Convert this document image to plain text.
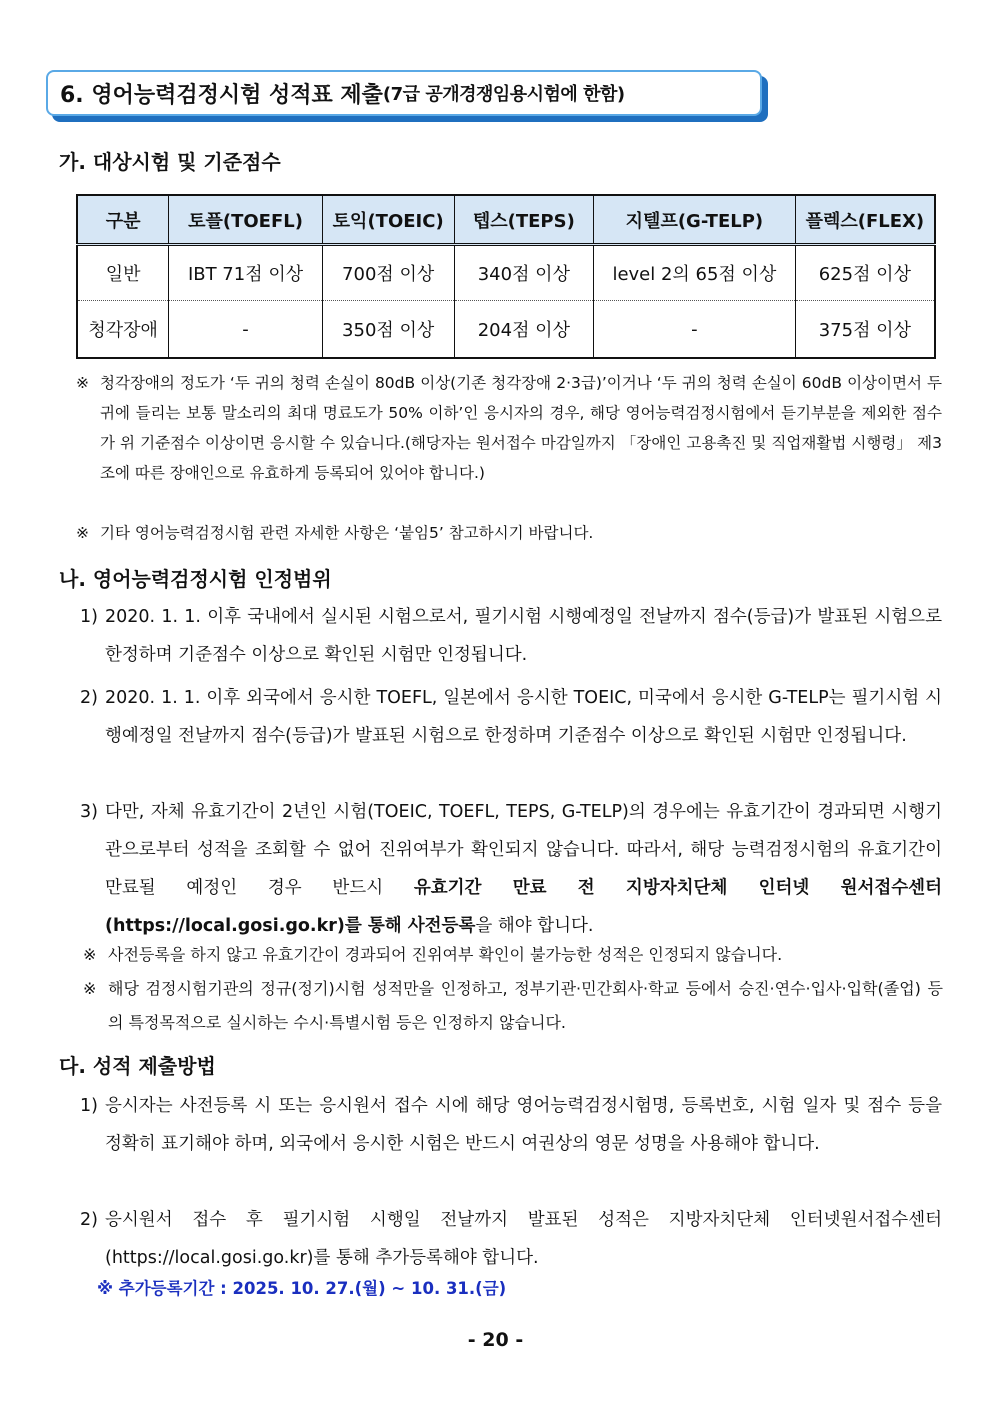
6. 영어능력검정시험 성적표 제출 (7급 공개경쟁임용시험에 한함)
가. 대상시험 및 기준점수
구분	토플(TOEFL)	토익(TOEIC)	텝스(TEPS)	지텔프(G-TELP)	플렉스(FLEX)
일반	IBT 71점 이상	700점 이상	340점 이상	level 2의 65점 이상	625점 이상
청각장애	-	350점 이상	204점 이상	-	375점 이상
※ 청각장애의 정도가 ‘두 귀의 청력 손실이 80dB 이상(기존 청각장애 2·3급)’이거나 ‘두 귀의 청력 손실이 60dB 이상이면서 두 귀에 들리는 보통 말소리의 최대 명료도가 50% 이하’인 응시자의 경우, 해당 영어능력검정시험에서 듣기부분을 제외한 점수가 위 기준점수 이상이면 응시할 수 있습니다.(해당자는 원서접수 마감일까지 「장애인 고용촉진 및 직업재활법 시행령」 제3조에 따른 장애인으로 유효하게 등록되어 있어야 합니다.)
※ 기타 영어능력검정시험 관련 자세한 사항은 ‘붙임5’ 참고하시기 바랍니다.
나. 영어능력검정시험 인정범위
1) 2020. 1. 1. 이후 국내에서 실시된 시험으로서, 필기시험 시행예정일 전날까지 점수(등급)가 발표된 시험으로 한정하며 기준점수 이상으로 확인된 시험만 인정됩니다.
2) 2020. 1. 1. 이후 외국에서 응시한 TOEFL, 일본에서 응시한 TOEIC, 미국에서 응시한 G-TELP는 필기시험 시행예정일 전날까지 점수(등급)가 발표된 시험으로 한정하며 기준점수 이상으로 확인된 시험만 인정됩니다.
3) 다만, 자체 유효기간이 2년인 시험(TOEIC, TOEFL, TEPS, G-TELP)의 경우에는 유효기간이 경과되면 시행기관으로부터 성적을 조회할 수 없어 진위여부가 확인되지 않습니다. 따라서, 해당 능력검정시험의 유효기간이 만료될 예정인 경우 반드시 유효기간 만료 전 지방자치단체 인터넷 원서접수센터(https://local.gosi.go.kr)를 통해 사전등록을 해야 합니다.
※ 사전등록을 하지 않고 유효기간이 경과되어 진위여부 확인이 불가능한 성적은 인정되지 않습니다.
※ 해당 검정시험기관의 정규(정기)시험 성적만을 인정하고, 정부기관·민간회사·학교 등에서 승진·연수·입사·입학(졸업) 등의 특정목적으로 실시하는 수시·특별시험 등은 인정하지 않습니다.
다. 성적 제출방법
1) 응시자는 사전등록 시 또는 응시원서 접수 시에 해당 영어능력검정시험명, 등록번호, 시험 일자 및 점수 등을 정확히 표기해야 하며, 외국에서 응시한 시험은 반드시 여권상의 영문 성명을 사용해야 합니다.
2) 응시원서 접수 후 필기시험 시행일 전날까지 발표된 성적은 지방자치단체 인터넷원서접수센터 (https://local.gosi.go.kr)를 통해 추가등록해야 합니다.
※ 추가등록기간 : 2025. 10. 27.(월) ~ 10. 31.(금)
- 20 -
